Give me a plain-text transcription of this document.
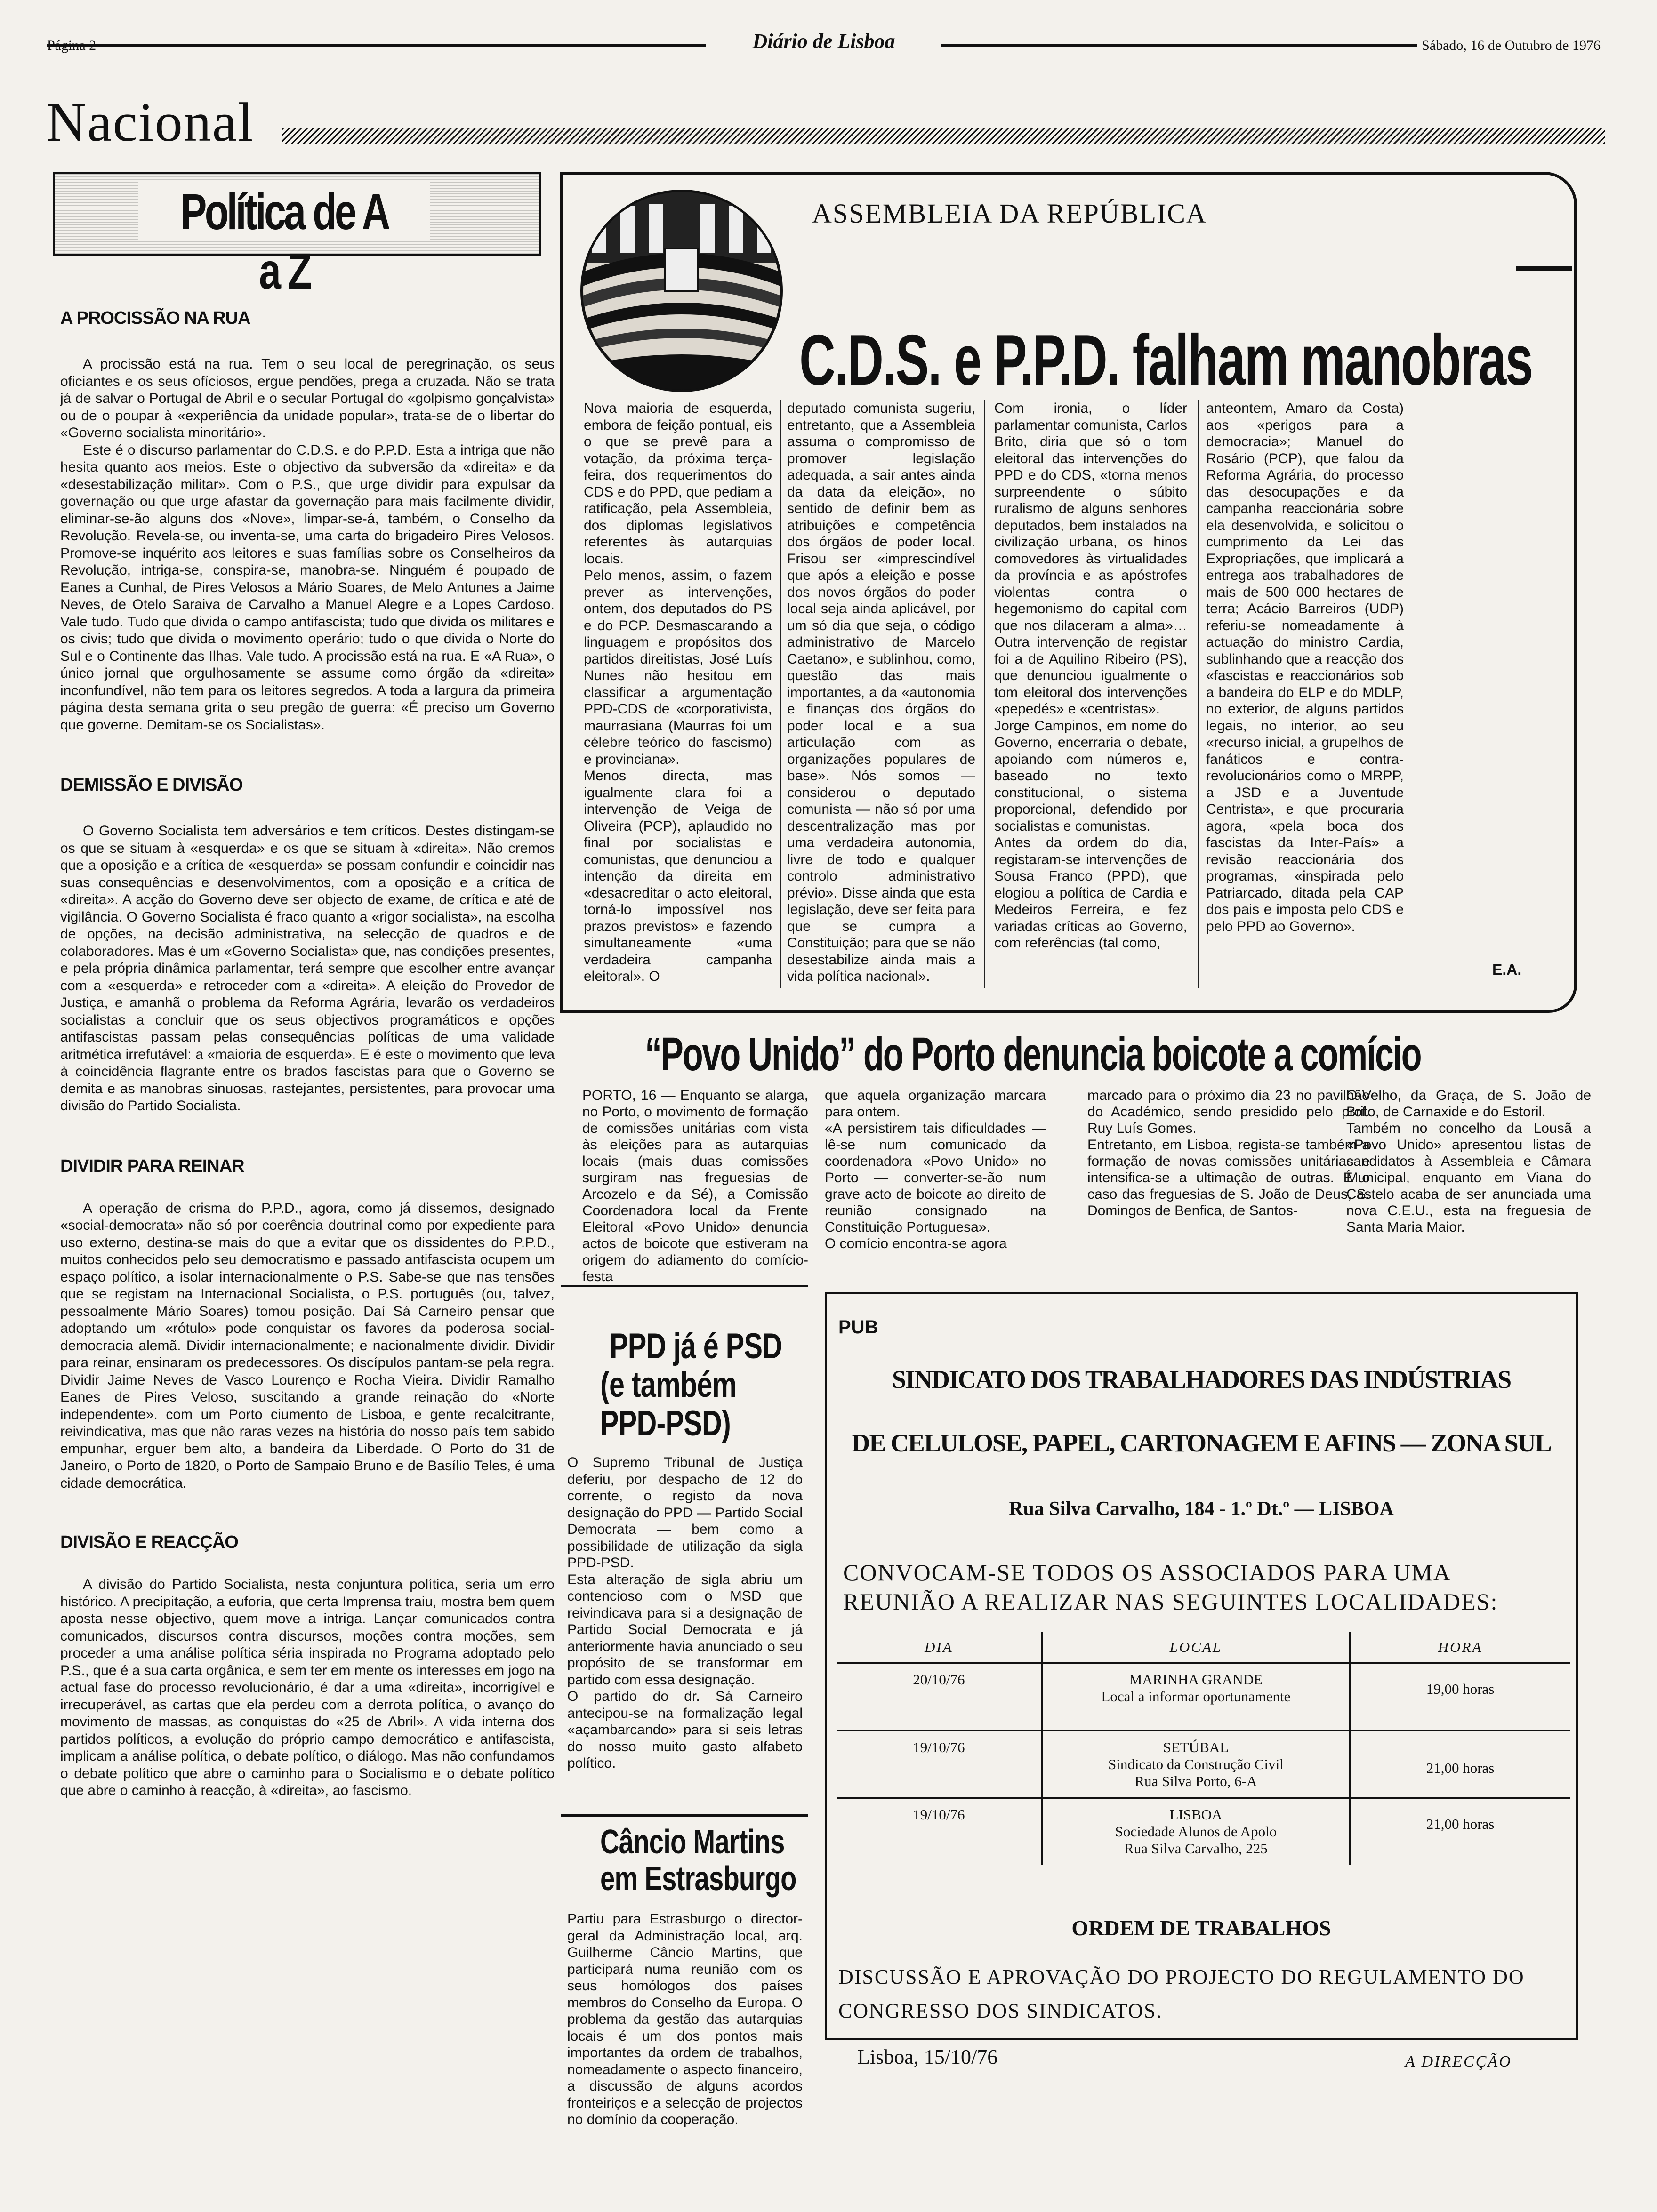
Página 2	Diário de Lisboa	Sábado, 16 de Outubro de 1976
Nacional
Política de A a Z
A PROCISSÃO NA RUA

A procissão está na rua. Tem o seu local de peregrinação, os seus oficiantes e os seus ofíciosos, ergue pendões, prega a cruzada. Não se trata já de salvar o Portugal de Abril e o secular Portugal do «golpismo gonçalvista» ou de o poupar à «experiência da unidade popular», trata-se de o libertar do «Governo socialista minoritário».

Este é o discurso parlamentar do C.D.S. e do P.P.D. Esta a intriga que não hesita quanto aos meios. Este o objectivo da subversão da «direita» e da «desestabilização militar». Com o P.S., que urge dividir para expulsar da governação ou que urge afastar da governação para mais facilmente dividir, eliminar-se-ão alguns dos «Nove», limpar-se-á, também, o Conselho da Revolução. Revela-se, ou inventa-se, uma carta do brigadeiro Pires Velosos. Promove-se inquérito aos leitores e suas famílias sobre os Conselheiros da Revolução, intriga-se, conspira-se, manobra-se. Ninguém é poupado de Eanes a Cunhal, de Pires Velosos a Mário Soares, de Melo Antunes a Jaime Neves, de Otelo Saraiva de Carvalho a Manuel Alegre e a Lopes Cardoso. Vale tudo. Tudo que divida o campo antifascista; tudo que divida os militares e os civis; tudo que divida o movimento operário; tudo o que divida o Norte do Sul e o Continente das Ilhas. Vale tudo. A procissão está na rua. E «A Rua», o único jornal que orgulhosamente se assume como órgão da «direita» inconfundível, não tem para os leitores segredos. A toda a largura da primeira página desta semana grita o seu pregão de guerra: «É preciso um Governo que governe. Demitam-se os Socialistas».

DEMISSÃO E DIVISÃO

O Governo Socialista tem adversários e tem críticos. Destes distingam-se os que se situam à «esquerda» e os que se situam à «direita». Não cremos que a oposição e a crítica de «esquerda» se possam confundir e coincidir nas suas consequências e desenvolvimentos, com a oposição e a crítica de «direita». A acção do Governo deve ser objecto de exame, de crítica e até de vigilância. O Governo Socialista é fraco quanto a «rigor socialista», na escolha de opções, na decisão administrativa, na selecção de quadros e de colaboradores. Mas é um «Governo Socialista» que, nas condições presentes, e pela própria dinâmica parlamentar, terá sempre que escolher entre avançar com a «esquerda» e retroceder com a «direita». A eleição do Provedor de Justiça, e amanhã o problema da Reforma Agrária, levarão os verdadeiros socialistas a concluir que os seus objectivos programáticos e opções antifascistas passam pelas consequências políticas de uma validade aritmética irrefutável: a «maioria de esquerda». E é este o movimento que leva à coincidência flagrante entre os brados fascistas para que o Governo se demita e as manobras sinuosas, rastejantes, persistentes, para provocar uma divisão do Partido Socialista.

DIVIDIR PARA REINAR

A operação de crisma do P.P.D., agora, como já dissemos, designado «social-democrata» não só por coerência doutrinal como por expediente para uso externo, destina-se mais do que a evitar que os dissidentes do P.P.D., muitos conhecidos pelo seu democratismo e passado antifascista ocupem um espaço político, a isolar internacionalmente o P.S. Sabe-se que nas tensões que se registam na Internacional Socialista, o P.S. português (ou, talvez, pessoalmente Mário Soares) tomou posição. Daí Sá Carneiro pensar que adoptando um «rótulo» pode conquistar os favores da poderosa social-democracia alemã. Dividir internacionalmente; e nacionalmente dividir. Dividir para reinar, ensinaram os predecessores. Os discípulos pantam-se pela regra. Dividir Jaime Neves de Vasco Lourenço e Rocha Vieira. Dividir Ramalho Eanes de Pires Veloso, suscitando a grande reinação do «Norte independente». com um Porto ciumento de Lisboa, e gente recalcitrante, reivindicativa, mas que não raras vezes na história do nosso país tem sabido empunhar, erguer bem alto, a bandeira da Liberdade. O Porto do 31 de Janeiro, o Porto de 1820, o Porto de Sampaio Bruno e de Basílio Teles, é uma cidade democrática.

DIVISÃO E REACÇÃO

A divisão do Partido Socialista, nesta conjuntura política, seria um erro histórico. A precipitação, a euforia, que certa Imprensa traiu, mostra bem quem aposta nesse objectivo, quem move a intriga. Lançar comunicados contra comunicados, discursos contra discursos, moções contra moções, sem proceder a uma análise política séria inspirada no Programa adoptado pelo P.S., que é a sua carta orgânica, e sem ter em mente os interesses em jogo na actual fase do processo revolucionário, é dar a uma «direita», incorrigível e irrecuperável, as cartas que ela perdeu com a derrota política, o avanço do movimento de massas, as conquistas do «25 de Abril». A vida interna dos partidos políticos, a evolução do próprio campo democrático e antifascista, implicam a análise política, o debate político, o diálogo. Mas não confundamos o debate político que abre o caminho para o Socialismo e o debate político que abre o caminho à reacção, à «direita», ao fascismo.

ASSEMBLEIA DA REPÚBLICA
C.D.S. e P.P.D. falham manobras
Nova maioria de esquerda, embora de feição pontual, eis o que se prevê para a votação, da próxima terça-feira, dos requerimentos do CDS e do PPD, que pediam a ratificação, pela Assembleia, dos diplomas legislativos referentes às autarquias locais.
Pelo menos, assim, o fazem prever as intervenções, ontem, dos deputados do PS e do PCP. Desmascarando a linguagem e propósitos dos partidos direitistas, José Luís Nunes não hesitou em classificar a argumentação PPD-CDS de «corporativista, maurrasiana (Maurras foi um célebre teórico do fascismo) e provinciana».
Menos directa, mas igualmente clara foi a intervenção de Veiga de Oliveira (PCP), aplaudido no final por socialistas e comunistas, que denunciou a intenção da direita em «desacreditar o acto eleitoral, torná-lo impossível nos prazos previstos» e fazendo simultaneamente «uma verdadeira campanha eleitoral». O
deputado comunista sugeriu, entretanto, que a Assembleia assuma o compromisso de promover legislação adequada, a sair antes ainda da data da eleição», no sentido de definir bem as atribuições e competência dos órgãos de poder local. Frisou ser «imprescindível que após a eleição e posse dos novos órgãos do poder local seja ainda aplicável, por um só dia que seja, o código administrativo de Marcelo Caetano», e sublinhou, como, questão das mais importantes, a da «autonomia e finanças dos órgãos do poder local e a sua articulação com as organizações populares de base». Nós somos — considerou o deputado comunista — não só por uma descentralização mas por uma verdadeira autonomia, livre de todo e qualquer controlo administrativo prévio». Disse ainda que esta legislação, deve ser feita para que se cumpra a Constituição; para que se não desestabilize ainda mais a vida política nacional».
Com ironia, o líder parlamentar comunista, Carlos Brito, diria que só o tom eleitoral das intervenções do PPD e do CDS, «torna menos surpreendente o súbito ruralismo de alguns senhores deputados, bem instalados na civilização urbana, os hinos comovedores às virtualidades da província e as apóstrofes violentas contra o hegemonismo do capital com que nos dilaceram a alma»… Outra intervenção de registar foi a de Aquilino Ribeiro (PS), que denunciou igualmente o tom eleitoral dos intervenções «pepedés» e «centristas».
Jorge Campinos, em nome do Governo, encerraria o debate, apoiando com números e, baseado no texto constitucional, o sistema proporcional, defendido por socialistas e comunistas.
Antes da ordem do dia, registaram-se intervenções de Sousa Franco (PPD), que elogiou a política de Cardia e Medeiros Ferreira, e fez variadas críticas ao Governo, com referências (tal como,
anteontem, Amaro da Costa) aos «perigos para a democracia»; Manuel do Rosário (PCP), que falou da Reforma Agrária, do processo das desocupações e da campanha reaccionária sobre ela desenvolvida, e solicitou o cumprimento da Lei das Expropriações, que implicará a entrega aos trabalhadores de mais de 500 000 hectares de terra; Acácio Barreiros (UDP) referiu-se nomeadamente à actuação do ministro Cardia, sublinhando que a reacção dos «fascistas e reaccionários sob a bandeira do ELP e do MDLP, no exterior, de alguns partidos legais, no interior, ao seu «recurso inicial, a grupelhos de fanáticos e contra-revolucionários como o MRPP, a JSD e a Juventude Centrista», e que procuraria agora, «pela boca dos fascistas da Inter-País» a revisão reaccionária dos programas, «inspirada pelo Patriarcado, ditada pela CAP dos pais e imposta pelo CDS e pelo PPD ao Governo».
E.A.
“Povo Unido” do Porto denuncia boicote a comício
PORTO, 16 — Enquanto se alarga, no Porto, o movimento de formação de comissões unitárias com vista às eleições para as autarquias locais (mais duas comissões surgiram nas freguesias de Arcozelo e da Sé), a Comissão Coordenadora local da Frente Eleitoral «Povo Unido» denuncia actos de boicote que estiveram na origem do adiamento do comício-festa
que aquela organização marcara para ontem.
«A persistirem tais dificuldades — lê-se num comunicado da coordenadora «Povo Unido» no Porto — converter-se-ão num grave acto de boicote ao direito de reunião consignado na Constituição Portuguesa».
O comício encontra-se agora
marcado para o próximo dia 23 no pavilhão do Académico, sendo presidido pelo prof. Ruy Luís Gomes.
Entretanto, em Lisboa, regista-se também a formação de novas comissões unitárias e intensifica-se a ultimação de outras. É o caso das freguesias de S. João de Deus, S. Domingos de Benfica, de Santos-
O-Velho, da Graça, de S. João de Brito, de Carnaxide e do Estoril.
Também no concelho da Lousã a «Povo Unido» apresentou listas de candidatos à Assembleia e Câmara Municipal, enquanto em Viana do Castelo acaba de ser anunciada uma nova C.E.U., esta na freguesia de Santa Maria Maior.
PPD já é PSD
(e também
PPD-PSD)
O Supremo Tribunal de Justiça deferiu, por despacho de 12 do corrente, o registo da nova designação do PPD — Partido Social Democrata — bem como a possibilidade de utilização da sigla PPD-PSD.
Esta alteração de sigla abriu um contencioso com o MSD que reivindicava para si a designação de Partido Social Democrata e já anteriormente havia anunciado o seu propósito de se transformar em partido com essa designação.
O partido do dr. Sá Carneiro antecipou-se na formalização legal «açambarcando» para si seis letras do nosso muito gasto alfabeto político.
Câncio Martins
em Estrasburgo
Partiu para Estrasburgo o director-geral da Administração local, arq. Guilherme Câncio Martins, que participará numa reunião com os seus homólogos dos países membros do Conselho da Europa. O problema da gestão das autarquias locais é um dos pontos mais importantes da ordem de trabalhos, nomeadamente o aspecto financeiro, a discussão de alguns acordos fronteiriços e a selecção de projectos no domínio da cooperação.
PUB
SINDICATO DOS TRABALHADORES DAS INDÚSTRIAS
DE CELULOSE, PAPEL, CARTONAGEM E AFINS — ZONA SUL
Rua Silva Carvalho, 184 - 1.º Dt.º — LISBOA
CONVOCAM-SE TODOS OS ASSOCIADOS PARA UMA REUNIÃO A REALIZAR NAS SEGUINTES LOCALIDADES:
DIA	LOCAL	HORA
20/10/76	MARINHA GRANDE
Local a informar oportunamente	19,00 horas
19/10/76	SETÚBAL
Sindicato da Construção Civil
Rua Silva Porto, 6-A	21,00 horas
19/10/76	LISBOA
Sociedade Alunos de Apolo
Rua Silva Carvalho, 225	21,00 horas
ORDEM DE TRABALHOS
DISCUSSÃO E APROVAÇÃO DO PROJECTO DO REGULAMENTO DO CONGRESSO DOS SINDICATOS.
Lisboa, 15/10/76	A DIRECÇÃO
